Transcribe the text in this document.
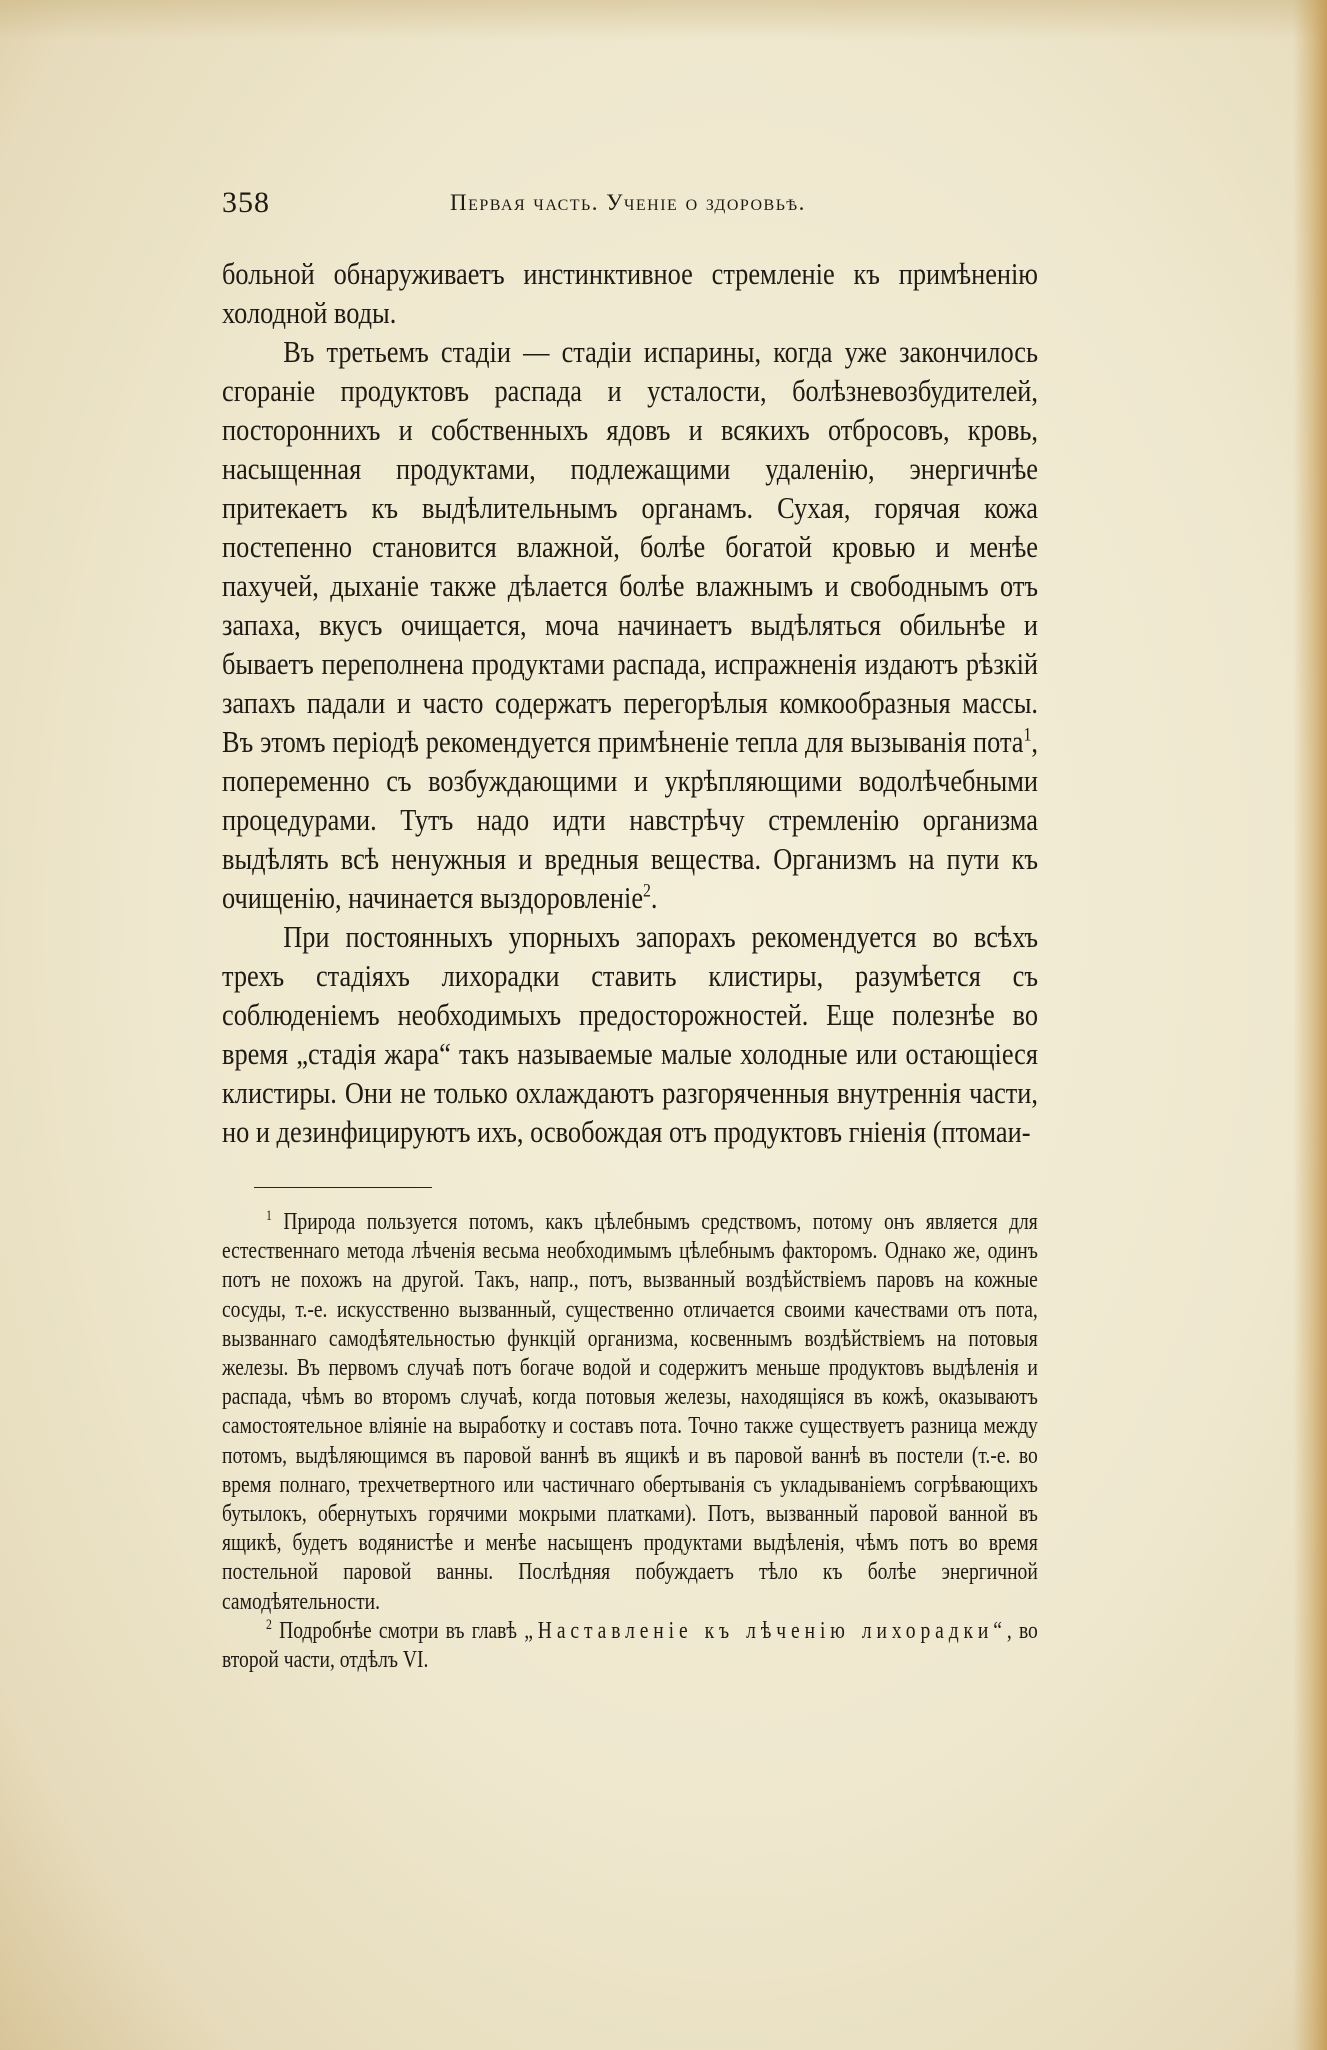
358	Первая часть. Ученіе о здоровьѣ.

больной обнаруживаетъ инстинктивное стремленіе къ примѣненію холодной воды.

Въ третьемъ стадіи — стадіи испарины, когда уже закончилось сгораніе продуктовъ распада и усталости, болѣзневозбудителей, постороннихъ и собственныхъ ядовъ и всякихъ отбросовъ, кровь, насыщенная продуктами, подлежащими удаленію, энергичнѣе притекаетъ къ выдѣлительнымъ органамъ. Сухая, горячая кожа постепенно становится влажной, болѣе богатой кровью и менѣе пахучей, дыханіе также дѣлается болѣе влажнымъ и свободнымъ отъ запаха, вкусъ очищается, моча начинаетъ выдѣляться обильнѣе и бываетъ переполнена продуктами распада, испражненія издаютъ рѣзкій запахъ падали и часто содержатъ перегорѣлыя комкообразныя массы. Въ этомъ періодѣ рекомендуется примѣненіе тепла для вызыванія пота$^1$, попеременно съ возбуждающими и укрѣпляющими водолѣчебными процедурами. Тутъ надо идти навстрѣчу стремленію организма выдѣлять всѣ ненужныя и вредныя вещества. Организмъ на пути къ очищенію, начинается выздоровленіе$^2$.

При постоянныхъ упорныхъ запорахъ рекомендуется во всѣхъ трехъ стадіяхъ лихорадки ставить клистиры, разумѣется съ соблюденіемъ необходимыхъ предосторожностей. Еще полезнѣе во время „стадія жара“ такъ называемые малые холодные или остающіеся клистиры. Они не только охлаждаютъ разгоряченныя внутреннія части, но и дезинфицируютъ ихъ, освобождая отъ продуктовъ гніенія (птомаи-

$^1$ Природа пользуется потомъ, какъ цѣлебнымъ средствомъ, потому онъ является для естественнаго метода лѣченія весьма необходимымъ цѣлебнымъ факторомъ. Однако же, одинъ потъ не похожъ на другой. Такъ, напр., потъ, вызванный воздѣйствіемъ паровъ на кожные сосуды, т.-е. искусственно вызванный, существенно отличается своими качествами отъ пота, вызваннаго самодѣятельностью функцій организма, косвеннымъ воздѣйствіемъ на потовыя железы. Въ первомъ случаѣ потъ богаче водой и содержитъ меньше продуктовъ выдѣленія и распада, чѣмъ во второмъ случаѣ, когда потовыя железы, находящіяся въ кожѣ, оказываютъ самостоятельное вліяніе на выработку и составъ пота. Точно также существуетъ разница между потомъ, выдѣляющимся въ паровой ваннѣ въ ящикѣ и въ паровой ваннѣ въ постели (т.-е. во время полнаго, трехчетвертного или частичнаго обертыванія съ укладываніемъ согрѣвающихъ бутылокъ, обернутыхъ горячими мокрыми платками). Потъ, вызванный паровой ванной въ ящикѣ, будетъ водянистѣе и менѣе насыщенъ продуктами выдѣленія, чѣмъ потъ во время постельной паровой ванны. Послѣдняя побуждаетъ тѣло къ болѣе энергичной самодѣятельности.

$^2$ Подробнѣе смотри въ главѣ „Наставленіе къ лѣченію лихорадки“, во второй части, отдѣлъ VI.
